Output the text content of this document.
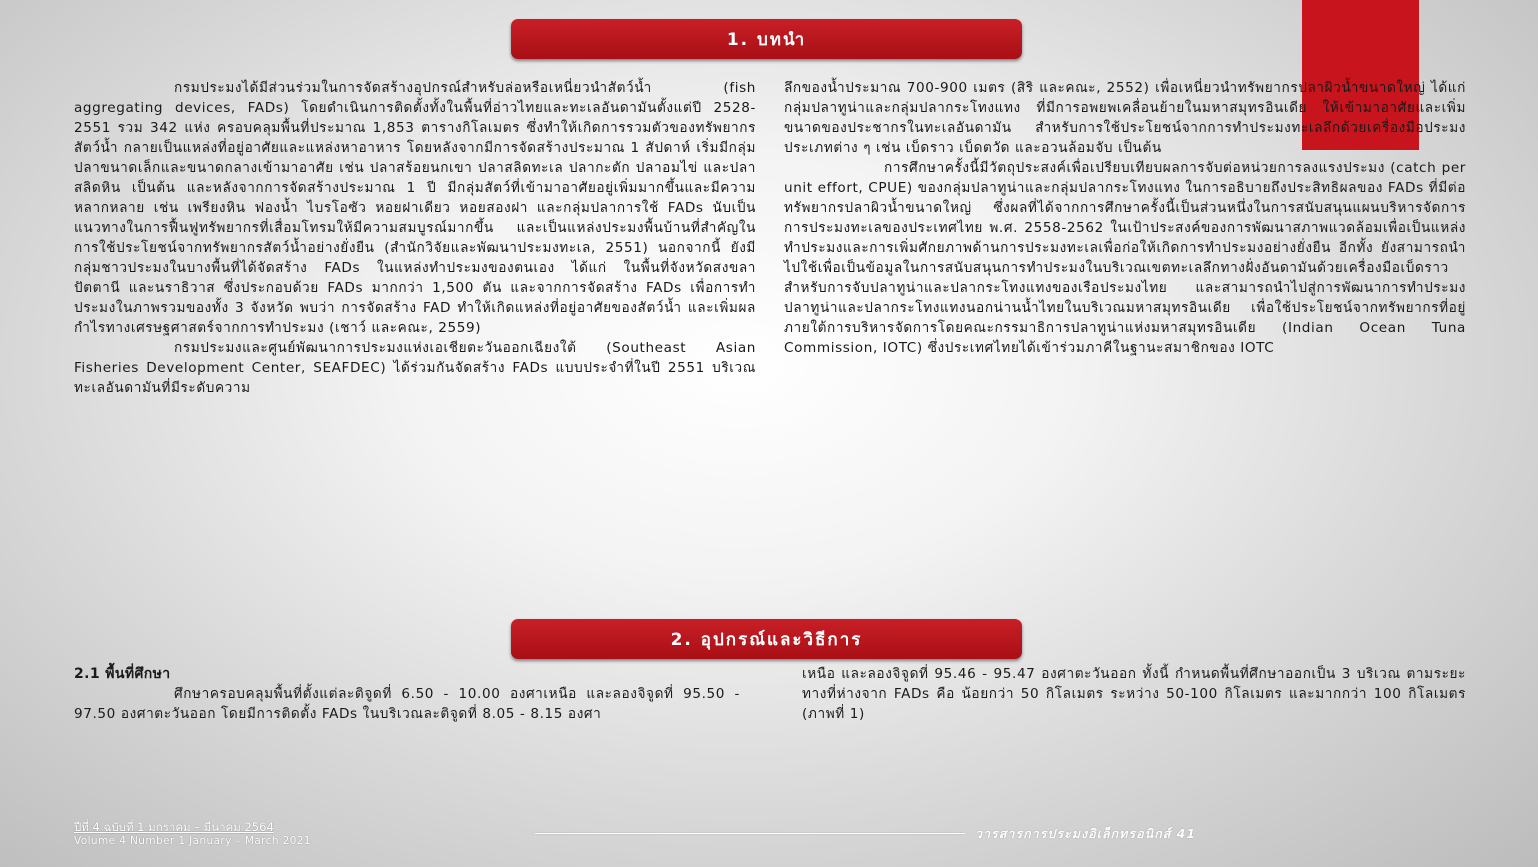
1. บทนำ

กรมประมงได้มีส่วนร่วมในการจัดสร้างอุปกรณ์สำหรับล่อหรือเหนี่ยวนำสัตว์น้ำ (fish aggregating devices, FADs) โดยดำเนินการติดตั้งทั้งในพื้นที่อ่าวไทยและทะเลอันดามันตั้งแต่ปี 2528-2551 รวม 342 แห่ง ครอบคลุมพื้นที่ประมาณ 1,853 ตารางกิโลเมตร ซึ่งทำให้เกิดการรวมตัวของทรัพยากรสัตว์น้ำ กลายเป็นแหล่งที่อยู่อาศัยและแหล่งหาอาหาร โดยหลังจากมีการจัดสร้างประมาณ 1 สัปดาห์ เริ่มมีกลุ่มปลาขนาดเล็กและขนาดกลางเข้ามาอาศัย เช่น ปลาสร้อยนกเขา ปลาสลิดทะเล ปลากะตัก ปลาอมไข่ และปลาสลิดหิน เป็นต้น และหลังจากการจัดสร้างประมาณ 1 ปี มีกลุ่มสัตว์ที่เข้ามาอาศัยอยู่เพิ่มมากขึ้นและมีความหลากหลาย เช่น เพรียงหิน ฟองน้ำ ไบรโอซัว หอยฝาเดียว หอยสองฝา และกลุ่มปลาการใช้ FADs นับเป็นแนวทางในการฟื้นฟูทรัพยากรที่เสื่อมโทรมให้มีความสมบูรณ์มากขึ้น และเป็นแหล่งประมงพื้นบ้านที่สำคัญในการใช้ประโยชน์จากทรัพยากรสัตว์น้ำอย่างยั่งยืน (สำนักวิจัยและพัฒนาประมงทะเล, 2551) นอกจากนี้ ยังมีกลุ่มชาวประมงในบางพื้นที่ได้จัดสร้าง FADs ในแหล่งทำประมงของตนเอง ได้แก่ ในพื้นที่จังหวัดสงขลา ปัตตานี และนราธิวาส ซึ่งประกอบด้วย FADs มากกว่า 1,500 ตัน และจากการจัดสร้าง FADs เพื่อการทำประมงในภาพรวมของทั้ง 3 จังหวัด พบว่า การจัดสร้าง FAD ทำให้เกิดแหล่งที่อยู่อาศัยของสัตว์น้ำ และเพิ่มผลกำไรทางเศรษฐศาสตร์จากการทำประมง (เชาว์ และคณะ, 2559)

กรมประมงและศูนย์พัฒนาการประมงแห่งเอเชียตะวันออกเฉียงใต้ (Southeast Asian Fisheries Development Center, SEAFDEC) ได้ร่วมกันจัดสร้าง FADs แบบประจำที่ในปี 2551 บริเวณทะเลอันดามันที่มีระดับความ

ลึกของน้ำประมาณ 700-900 เมตร (สิริ และคณะ, 2552) เพื่อเหนี่ยวนำทรัพยากรปลาผิวน้ำขนาดใหญ่ ได้แก่ กลุ่มปลาทูน่าและกลุ่มปลากระโทงแทง ที่มีการอพยพเคลื่อนย้ายในมหาสมุทรอินเดีย ให้เข้ามาอาศัยและเพิ่มขนาดของประชากรในทะเลอันดามัน สำหรับการใช้ประโยชน์จากการทำประมงทะเลลึกด้วยเครื่องมือประมงประเภทต่าง ๆ เช่น เบ็ดราว เบ็ดตวัด และอวนล้อมจับ เป็นต้น

การศึกษาครั้งนี้มีวัตถุประสงค์เพื่อเปรียบเทียบผลการจับต่อหน่วยการลงแรงประมง (catch per unit effort, CPUE) ของกลุ่มปลาทูน่าและกลุ่มปลากระโทงแทง ในการอธิบายถึงประสิทธิผลของ FADs ที่มีต่อทรัพยากรปลาผิวน้ำขนาดใหญ่ ซึ่งผลที่ได้จากการศึกษาครั้งนี้เป็นส่วนหนึ่งในการสนับสนุนแผนบริหารจัดการการประมงทะเลของประเทศไทย พ.ศ. 2558-2562 ในเป้าประสงค์ของการพัฒนาสภาพแวดล้อมเพื่อเป็นแหล่งทำประมงและการเพิ่มศักยภาพด้านการประมงทะเลเพื่อก่อให้เกิดการทำประมงอย่างยั่งยืน อีกทั้ง ยังสามารถนำไปใช้เพื่อเป็นข้อมูลในการสนับสนุนการทำประมงในบริเวณเขตทะเลลึกทางฝั่งอันดามันด้วยเครื่องมือเบ็ดราวสำหรับการจับปลาทูน่าและปลากระโทงแทงของเรือประมงไทย และสามารถนำไปสู่การพัฒนาการทำประมงปลาทูน่าและปลากระโทงแทงนอกน่านน้ำไทยในบริเวณมหาสมุทรอินเดีย เพื่อใช้ประโยชน์จากทรัพยากรที่อยู่ภายใต้การบริหารจัดการโดยคณะกรรมาธิการปลาทูน่าแห่งมหาสมุทรอินเดีย (Indian Ocean Tuna Commission, IOTC) ซึ่งประเทศไทยได้เข้าร่วมภาคีในฐานะสมาชิกของ IOTC

2. อุปกรณ์และวิธีการ

2.1 พื้นที่ศึกษา

ศึกษาครอบคลุมพื้นที่ตั้งแต่ละติจูดที่ 6.50 - 10.00 องศาเหนือ และลองจิจูดที่ 95.50 - 97.50 องศาตะวันออก โดยมีการติดตั้ง FADs ในบริเวณละติจูดที่ 8.05 - 8.15 องศา

เหนือ และลองจิจูดที่ 95.46 - 95.47 องศาตะวันออก ทั้งนี้ กำหนดพื้นที่ศึกษาออกเป็น 3 บริเวณ ตามระยะทางที่ห่างจาก FADs คือ น้อยกว่า 50 กิโลเมตร ระหว่าง 50-100 กิโลเมตร และมากกว่า 100 กิโลเมตร (ภาพที่ 1)

ปีที่ 4 ฉบับที่ 1 มกราคม – มีนาคม 2564
Volume 4 Number 1 January – March 2021	วารสารการประมงอิเล็กทรอนิกส์ 41
